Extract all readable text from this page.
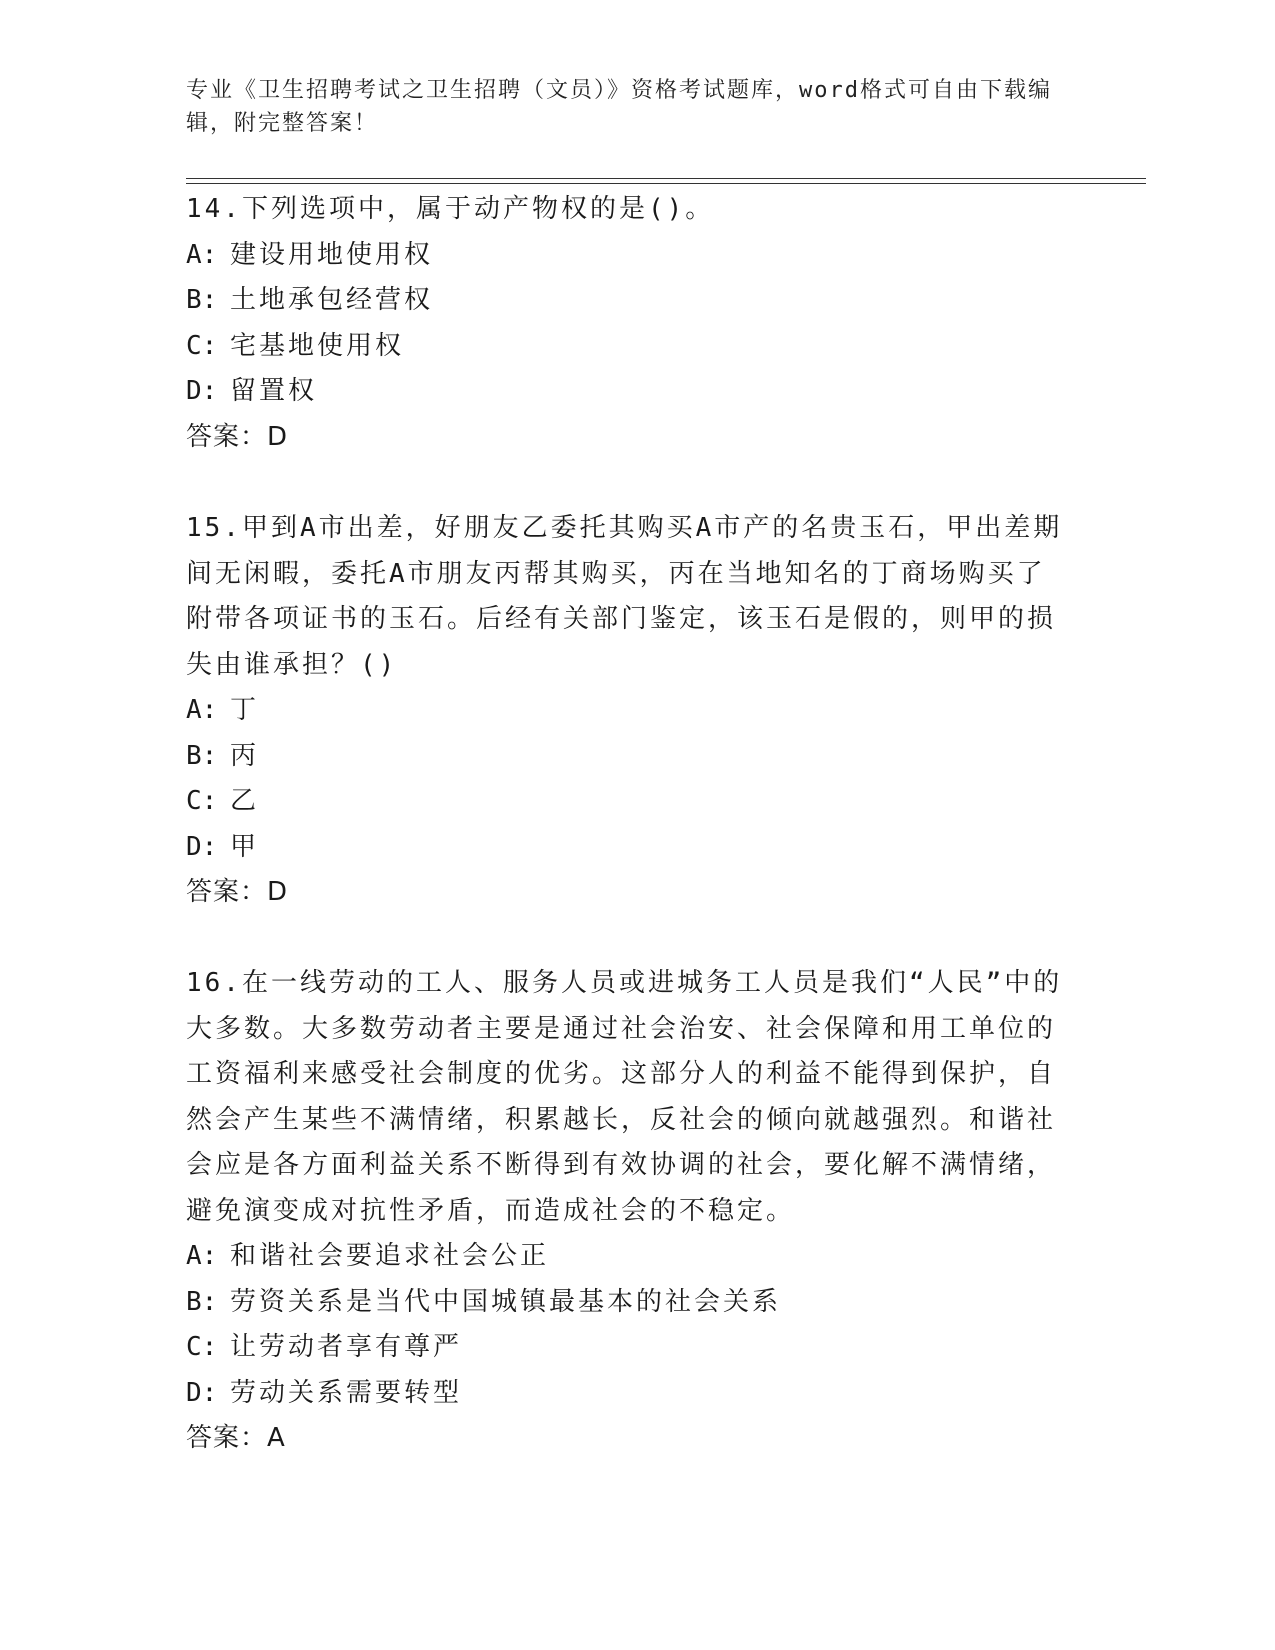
专业《卫生招聘考试之卫生招聘（文员）》资格考试题库，word格式可自由下载编辑，附完整答案！

14.下列选项中，属于动产物权的是()。

A: 建设用地使用权

B: 土地承包经营权

C: 宅基地使用权

D: 留置权

答案：D

15.甲到A市出差，好朋友乙委托其购买A市产的名贵玉石，甲出差期间无闲暇，委托A市朋友丙帮其购买，丙在当地知名的丁商场购买了附带各项证书的玉石。后经有关部门鉴定，该玉石是假的，则甲的损失由谁承担？()

A: 丁

B: 丙

C: 乙

D: 甲

答案：D

16.在一线劳动的工人、服务人员或进城务工人员是我们“人民”中的大多数。大多数劳动者主要是通过社会治安、社会保障和用工单位的工资福利来感受社会制度的优劣。这部分人的利益不能得到保护，自然会产生某些不满情绪，积累越长，反社会的倾向就越强烈。和谐社会应是各方面利益关系不断得到有效协调的社会，要化解不满情绪，避免演变成对抗性矛盾，而造成社会的不稳定。

A: 和谐社会要追求社会公正

B: 劳资关系是当代中国城镇最基本的社会关系

C: 让劳动者享有尊严

D: 劳动关系需要转型

答案：A
